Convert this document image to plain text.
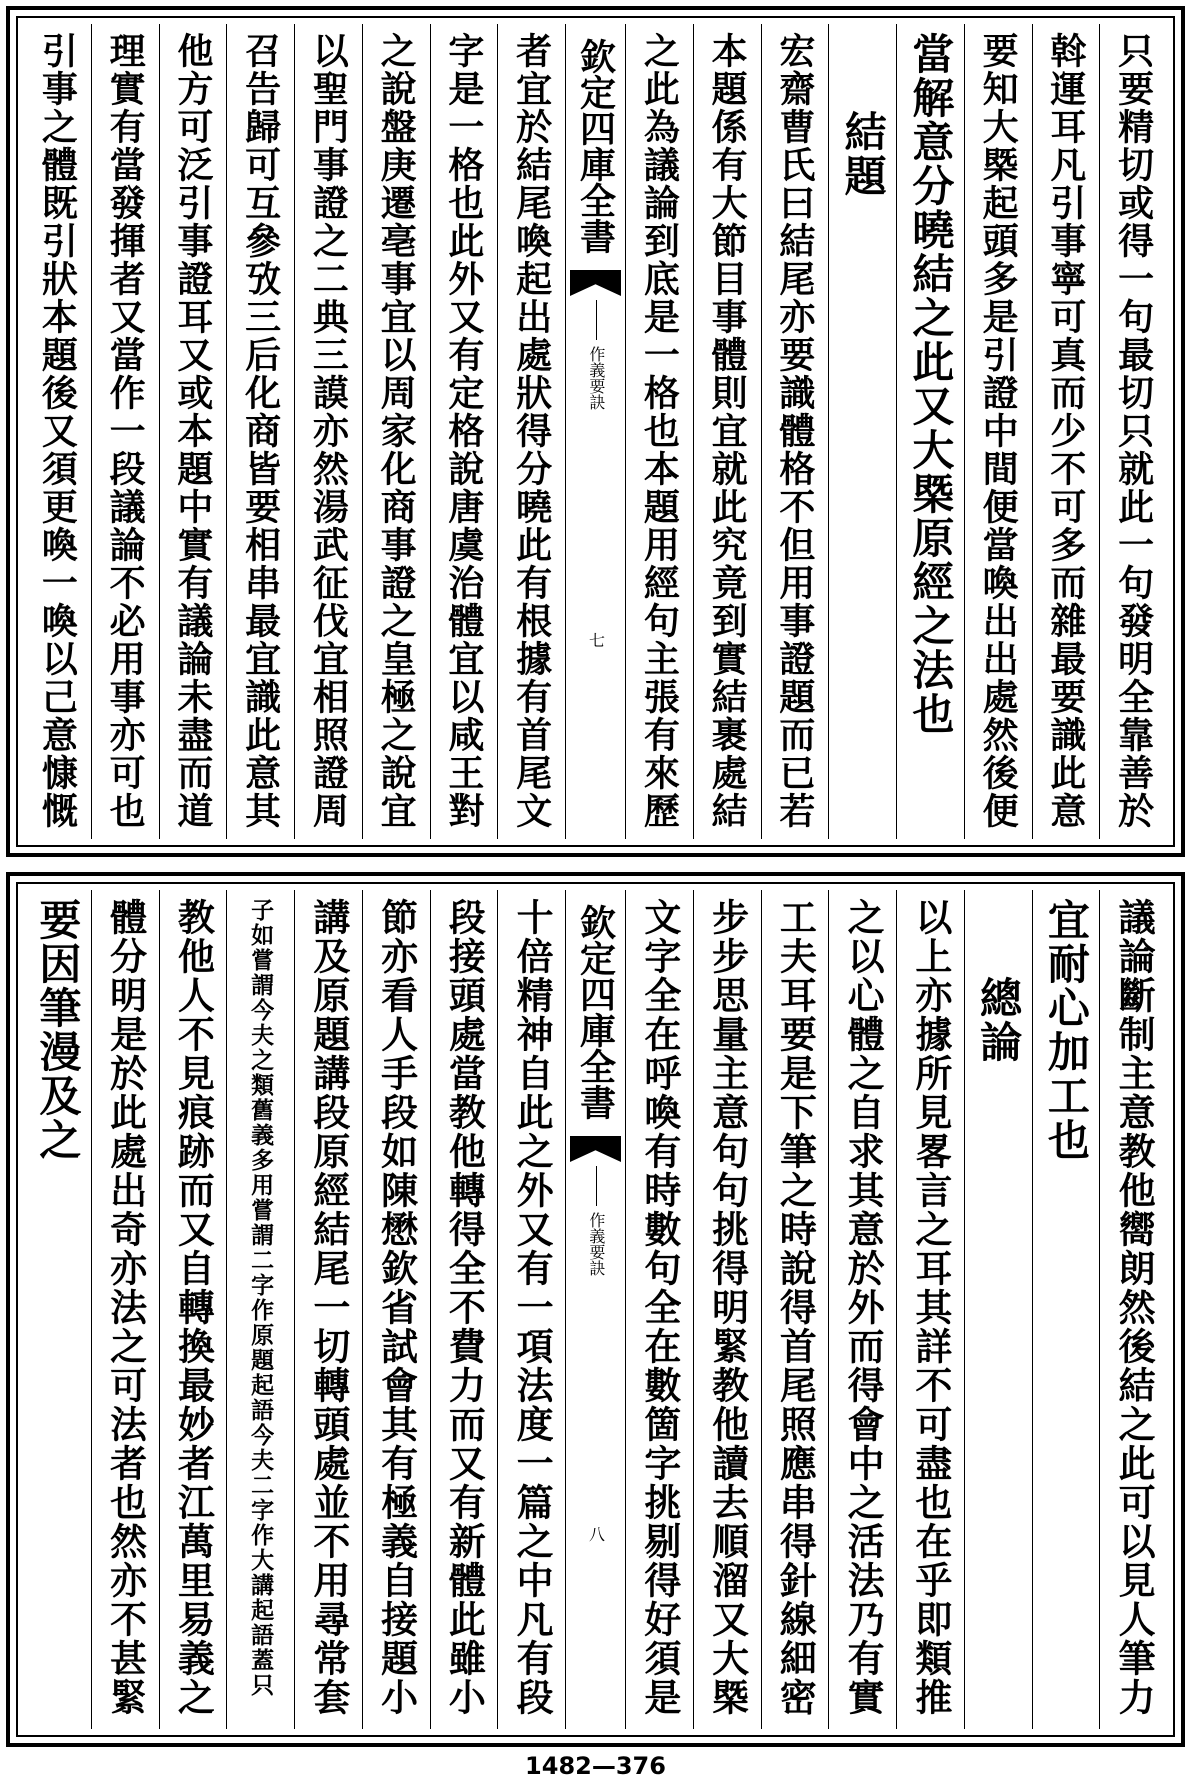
只要精切或得一句最切只就此一句發明全靠善於
斡運耳凡引事寧可真而少不可多而雜最要識此意
要知大槩起頭多是引證中間便當喚出出處然後便
當解意分曉結之此又大槩原經之法也
結題
宏齋曹氏曰結尾亦要識體格不但用事證題而已若
本題係有大節目事體則宜就此究竟到實結裹處結
之此為議論到底是一格也本題用經句主張有來歷
欽定四庫全書
作義要訣
七
者宜於結尾喚起出處狀得分曉此有根據有首尾文
字是一格也此外又有定格說唐虞治體宜以咸王對
之說盤庚遷亳事宜以周家化商事證之皇極之說宜
以聖門事證之二典三謨亦然湯武征伐宜相照證周
召告歸可互參攷三后化商皆要相串最宜識此意其
他方可泛引事證耳又或本題中實有議論未盡而道
理實有當發揮者又當作一段議論不必用事亦可也
引事之體既引狀本題後又須更喚一喚以己意慷慨
議論斷制主意教他嚮朗然後結之此可以見人筆力
宜耐心加工也
總論
以上亦據所見畧言之耳其詳不可盡也在乎即類推
之以心體之自求其意於外而得會中之活法乃有實
工夫耳要是下筆之時說得首尾照應串得針線細密
步步思量主意句句挑得明緊教他讀去順溜又大槩
文字全在呼喚有時數句全在數箇字挑剔得好須是
欽定四庫全書
作義要訣
八
十倍精神自此之外又有一項法度一篇之中凡有段
段接頭處當教他轉得全不費力而又有新體此雖小
節亦看人手段如陳懋欽省試會其有極義自接題小
講及原題講段原經結尾一切轉頭處並不用尋常套
子如嘗謂今夫之類舊義多用嘗謂二字作原題起語今夫二字作大講起語蓋只
教他人不見痕跡而又自轉換最妙者江萬里易義之
體分明是於此處出奇亦法之可法者也然亦不甚緊
要因筆漫及之
1482—376
